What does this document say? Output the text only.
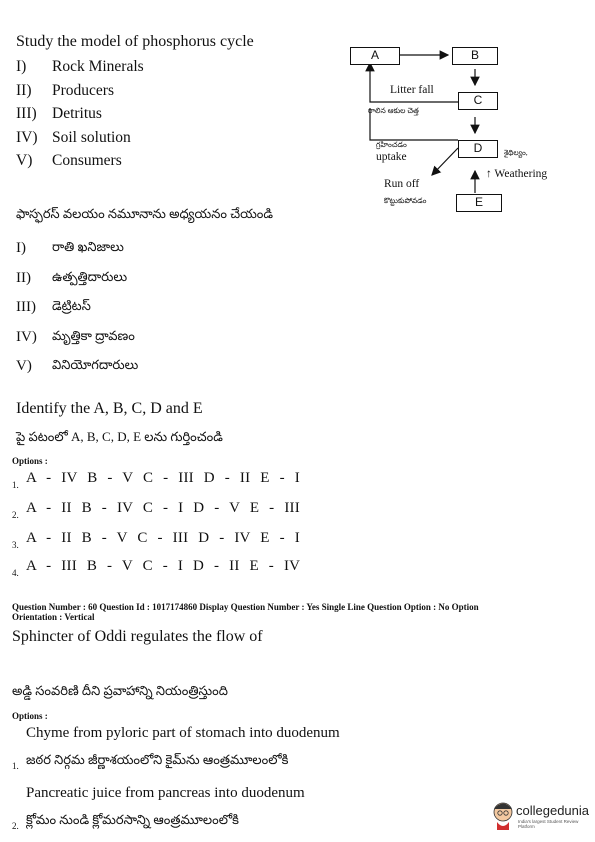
Study the model of phosphorus cycle
I)	Rock Minerals
II)	Producers
III) Detritus
IV) Soil solution
V)	Consumers
A	B
C
D
E
Litter fall
రాలిన ఆకుల చెత్త
గ్రహించడం
uptake	శైథిల్యం,
↑ Weathering
Run off
కొట్టుకుపోవడం
ఫాస్ఫరస్ వలయం నమూనాను అధ్యయనం చేయండి
I)	రాతి ఖనిజాలు
II)	ఉత్పత్తిదారులు
III)	డెట్రిటస్
IV)	మృత్తికా ద్రావణం
V)	వినియోగదారులు
Identify the A, B, C, D and E
పై పటంలో A, B, C, D, E లను గుర్తించండి
Options :
1. A - IV B - V C - III D - II E - I
2. A - II B - IV C - I D - V E - III
3. A - II B - V C - III D - IV E - I
4. A - III B - V C - I D - II E - IV
Question Number : 60 Question Id : 1017174860 Display Question Number : Yes Single Line Question Option : No Option
Orientation : Vertical
Sphincter of Oddi regulates the flow of
అడ్డి సంవరిణి దీని ప్రవాహాన్ని నియంత్రిస్తుంది
Options :
Chyme from pyloric part of stomach into duodenum
1. జఠర నిర్గమ జీర్ణాశయంలోని కైమ్‌ను ఆంత్రమూలంలోకి
Pancreatic juice from pancreas into duodenum
2. క్లోమం నుండి క్లోమరసాన్ని ఆంత్రమూలంలోకి
collegedunia
India's largest Student Review Platform
